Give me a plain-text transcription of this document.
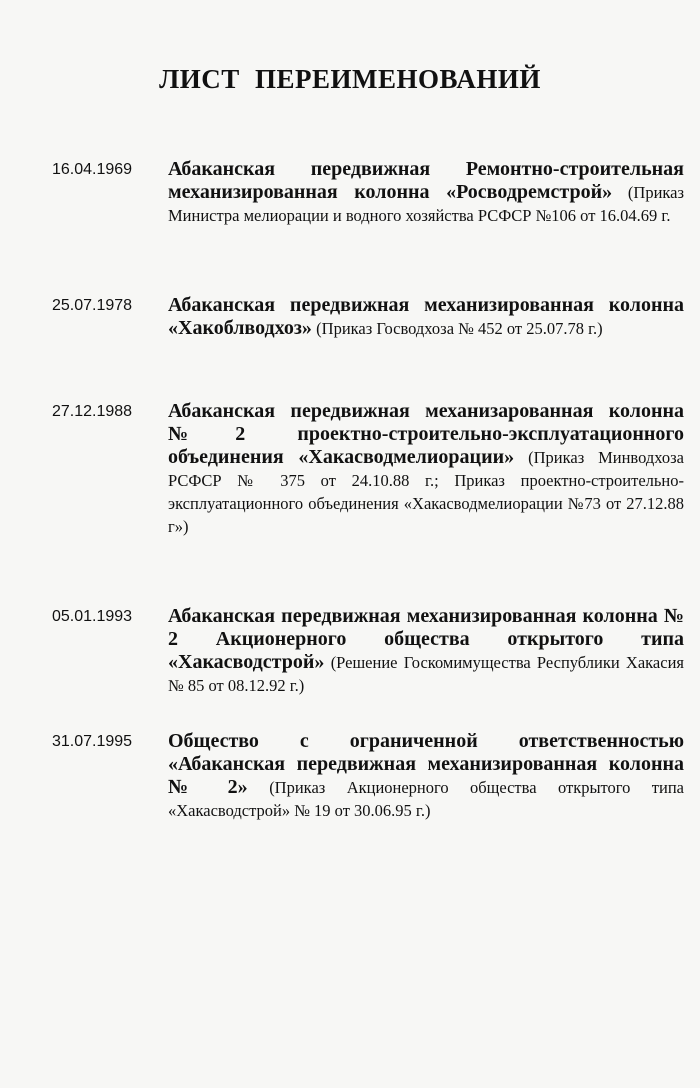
ЛИСТ ПЕРЕИМЕНОВАНИЙ
16.04.1969 Абаканская передвижная Ремонтно-строительная механизированная колонна «Росводремстрой» (Приказ Министра мелиорации и водного хозяйства РСФСР №106 от 16.04.69 г.
25.07.1978 Абаканская передвижная механизированная колонна «Хакоблводхоз» (Приказ Госводхоза № 452 от 25.07.78 г.)
27.12.1988 Абаканская передвижная механизарованная колонна №2 проектно-строительно-эксплуатационного объединения «Хакасводмелиорации» (Приказ Минводхоза РСФСР № 375 от 24.10.88 г.; Приказ проектно-строительно-эксплуатационного объединения «Хакасводмелиорации №73 от 27.12.88 г»)
05.01.1993 Абаканская передвижная механизированная колонна № 2 Акционерного общества открытого типа «Хакасводстрой» (Решение Госкомимущества Республики Хакасия № 85 от 08.12.92 г.)
31.07.1995 Общество с ограниченной ответственностью «Абаканская передвижная механизированная колонна № 2» (Приказ Акционерного общества открытого типа «Хакасводстрой» № 19 от 30.06.95 г.)
